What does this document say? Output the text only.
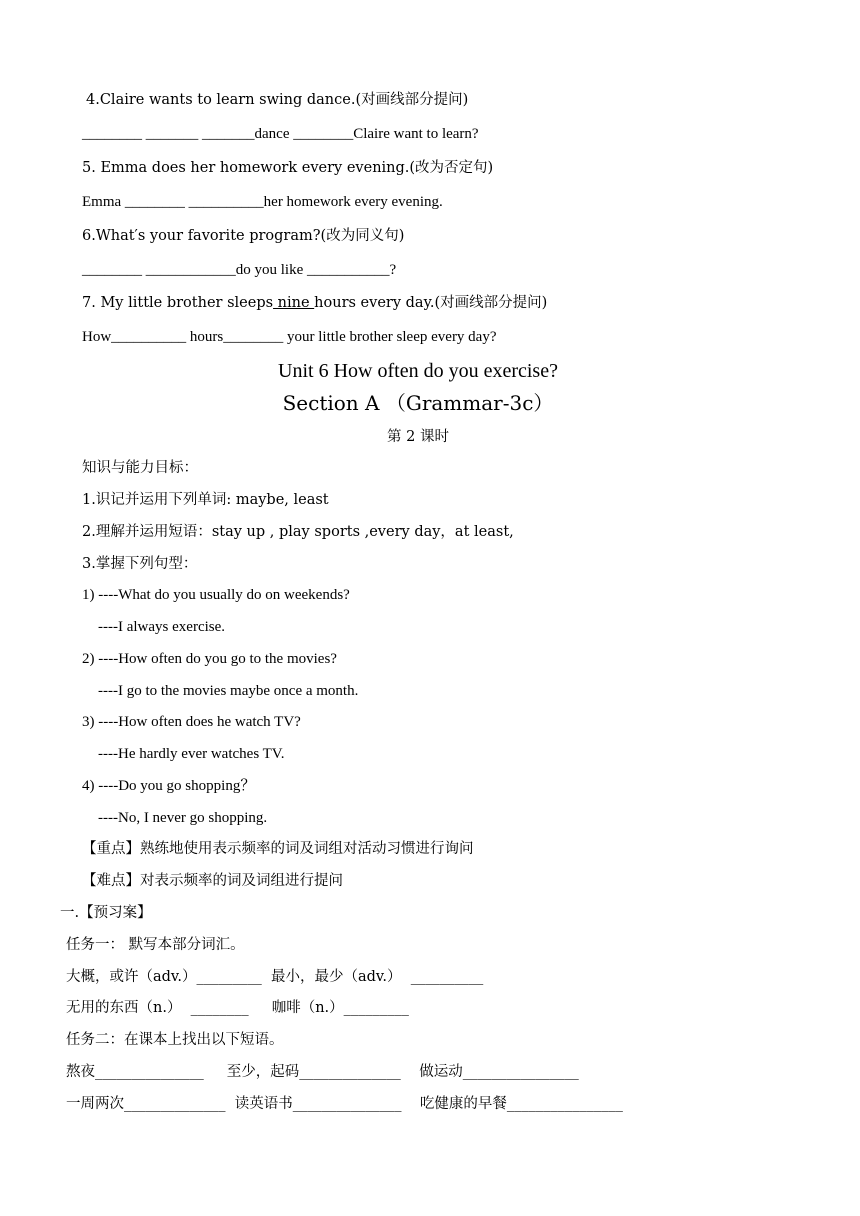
4.Claire wants to learn swing dance.(对画线部分提问)
________ _______ _______dance ________Claire want to learn?
5. Emma does her homework every evening.(改为否定句)
Emma ________ __________her homework every evening.
6.What′s your favorite program?(改为同义句)
________ ____________do you like ___________?
7. My little brother sleeps nine hours every day.(对画线部分提问)
How__________ hours________ your little brother sleep every day?
Unit 6 How often do you exercise?
Section A （Grammar-3c）
第 2 课时
知识与能力目标：
1.识记并运用下列单词: maybe, least
2.理解并运用短语：stay up , play sports ,every day，at least,
3.掌握下列句型：
1) ----What do you usually do on weekends?
----I always exercise.
2) ----How often do you go to the movies?
----I go to the movies maybe once a month.
3) ----How often does he watch TV?
----He hardly ever watches TV.
4) ----Do you go shopping？
----No, I never go shopping.
【重点】熟练地使用表示频率的词及词组对活动习惯进行询问
【难点】对表示频率的词及词组进行提问
一.【预习案】
任务一： 默写本部分词汇。
大概，或许（adv.）_________  最小，最少（adv.）  __________
无用的东西（n.）  ________     咖啡（n.）_________
任务二：在课本上找出以下短语。
熬夜_______________     至少，起码______________    做运动________________
一周两次______________  读英语书_______________    吃健康的早餐________________
